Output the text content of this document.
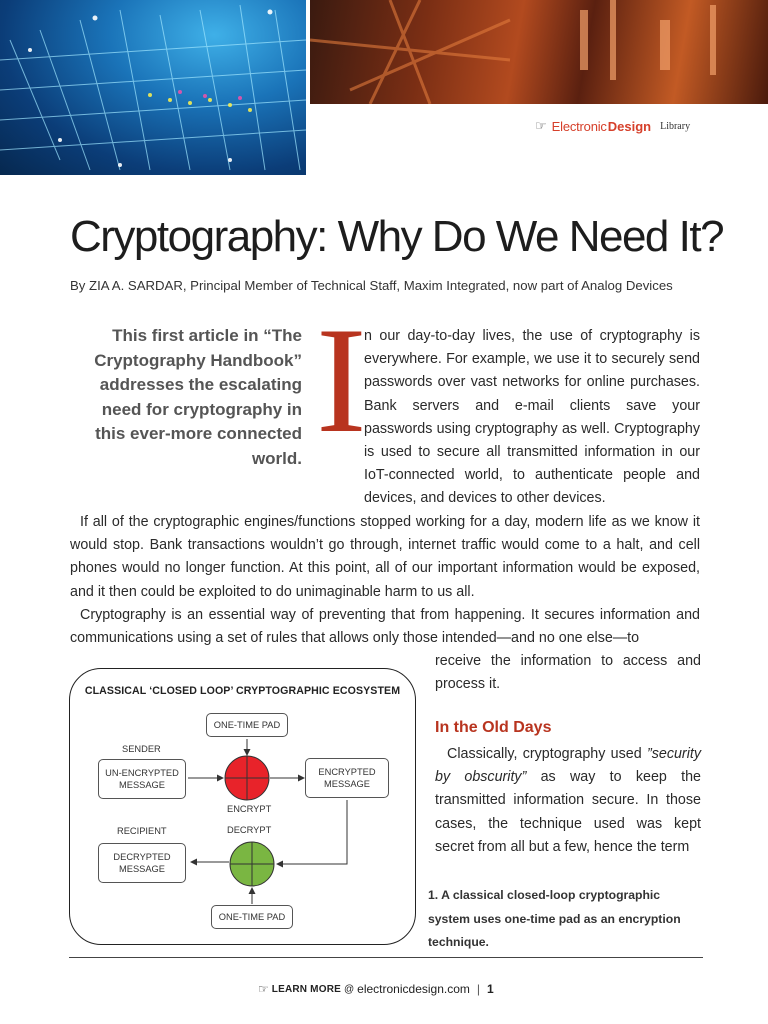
☞ Electronic Design Library
Cryptography: Why Do We Need It?
By ZIA A. SARDAR, Principal Member of Technical Staff, Maxim Integrated, now part of Analog Devices
This first article in “The Cryptography Handbook” addresses the escalating need for cryptography in this ever-more connected world. I
n our day-to-day lives, the use of cryptography is everywhere. For example, we use it to securely send passwords over vast networks for online purchases. Bank servers and e-mail clients save your passwords using cryptography as well. Cryptography is used to secure all transmitted information in our IoT-connected world, to authenticate people and devices, and devices to other devices.
If all of the cryptographic engines/functions stopped working for a day, modern life as we know it would stop. Bank transactions wouldn’t go through, internet traffic would come to a halt, and cell phones would no longer function. At this point, all of our important information would be exposed, and it then could be exploited to do unimaginable harm to us all.
Cryptography is an essential way of preventing that from happening. It secures information and communications using a set of rules that allows only those intended—and no one else—to
receive the information to access and process it.
In the Old Days
Classically, cryptography used ”security by obscurity” as way to keep the transmitted information secure. In those cases, the technique used was kept secret from all but a few, hence the term
CLASSICAL ‘CLOSED LOOP’ CRYPTOGRAPHIC ECOSYSTEM
ONE-TIME PAD
SENDER
UN-ENCRYPTED MESSAGE
ENCRYPTED MESSAGE
ENCRYPT
RECIPIENT	DECRYPT
DECRYPTED MESSAGE
ONE-TIME PAD
1. A classical closed-loop cryptographic system uses one-time pad as an encryption technique.
☞ LEARN MORE @ electronicdesign.com | 1
